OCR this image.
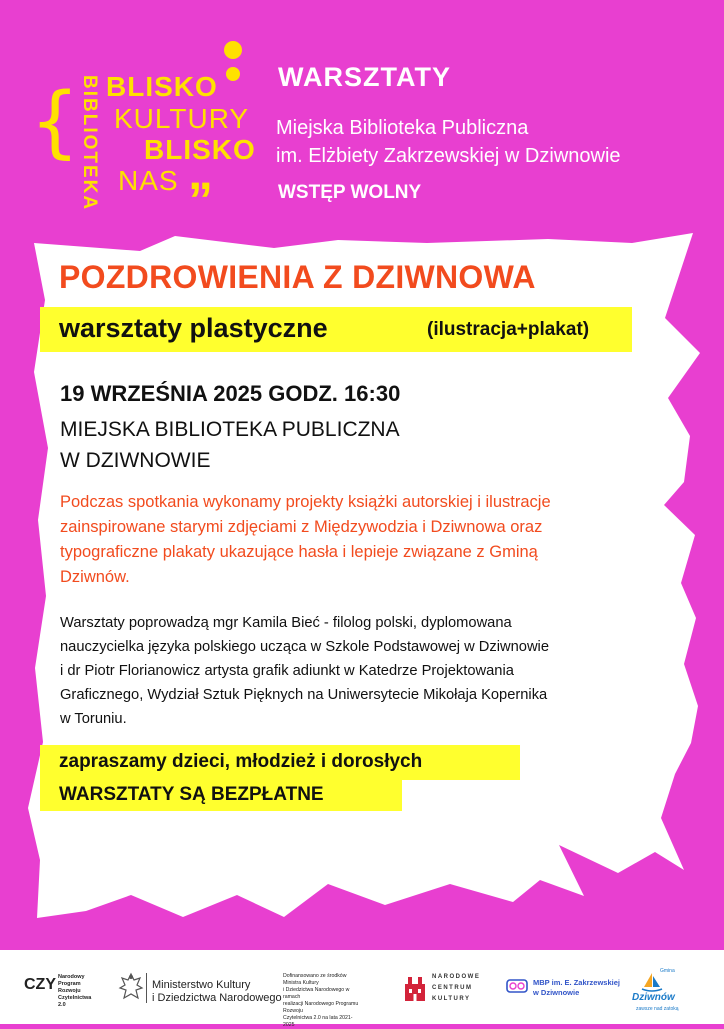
{ BIBLIOTEKA BLISKO
KULTURY
BLISKO
NAS ”
WARSZTATY

Miejska Biblioteka Publiczna
im. Elżbiety Zakrzewskiej w Dziwnowie

WSTĘP WOLNY

POZDROWIENIA Z DZIWNOWA
warsztaty plastyczne	(ilustracja+plakat)

19 WRZEŚNIA 2025 GODZ. 16:30

MIEJSKA BIBLIOTEKA PUBLICZNA
W DZIWNOWIE

Podczas spotkania wykonamy projekty książki autorskiej i ilustracje
zainspirowane starymi zdjęciami z Międzywodzia i Dziwnowa oraz
typograficzne plakaty ukazujące hasła i lepieje związane z Gminą
Dziwnów.

Warsztaty poprowadzą mgr Kamila Bieć - filolog polski, dyplomowana
nauczycielka języka polskiego ucząca w Szkole Podstawowej w Dziwnowie
i dr Piotr Florianowicz artysta grafik adiunkt w Katedrze Projektowania
Graficznego, Wydział Sztuk Pięknych na Uniwersytecie Mikołaja Kopernika
w Toruniu.

zapraszamy dzieci, młodzież i dorosłych

WARSZTATY SĄ BEZPŁATNE

CZY Narodowy
Program
Rozwoju
Czytelnictwa
2.0
Ministerstwo Kultury
i Dziedzictwa Narodowego
Dofinansowano ze środków Ministra Kultury
i Dziedzictwa Narodowego w ramach
realizacji Narodowego Programu Rozwoju
Czytelnictwa 2.0 na lata 2021-2025
NARODOWE
CENTRUM
KULTURY
MBP im. E. Zakrzewskiej
w Dziwnowie
Gmina
Dziwnów
zawsze nad zatoką
